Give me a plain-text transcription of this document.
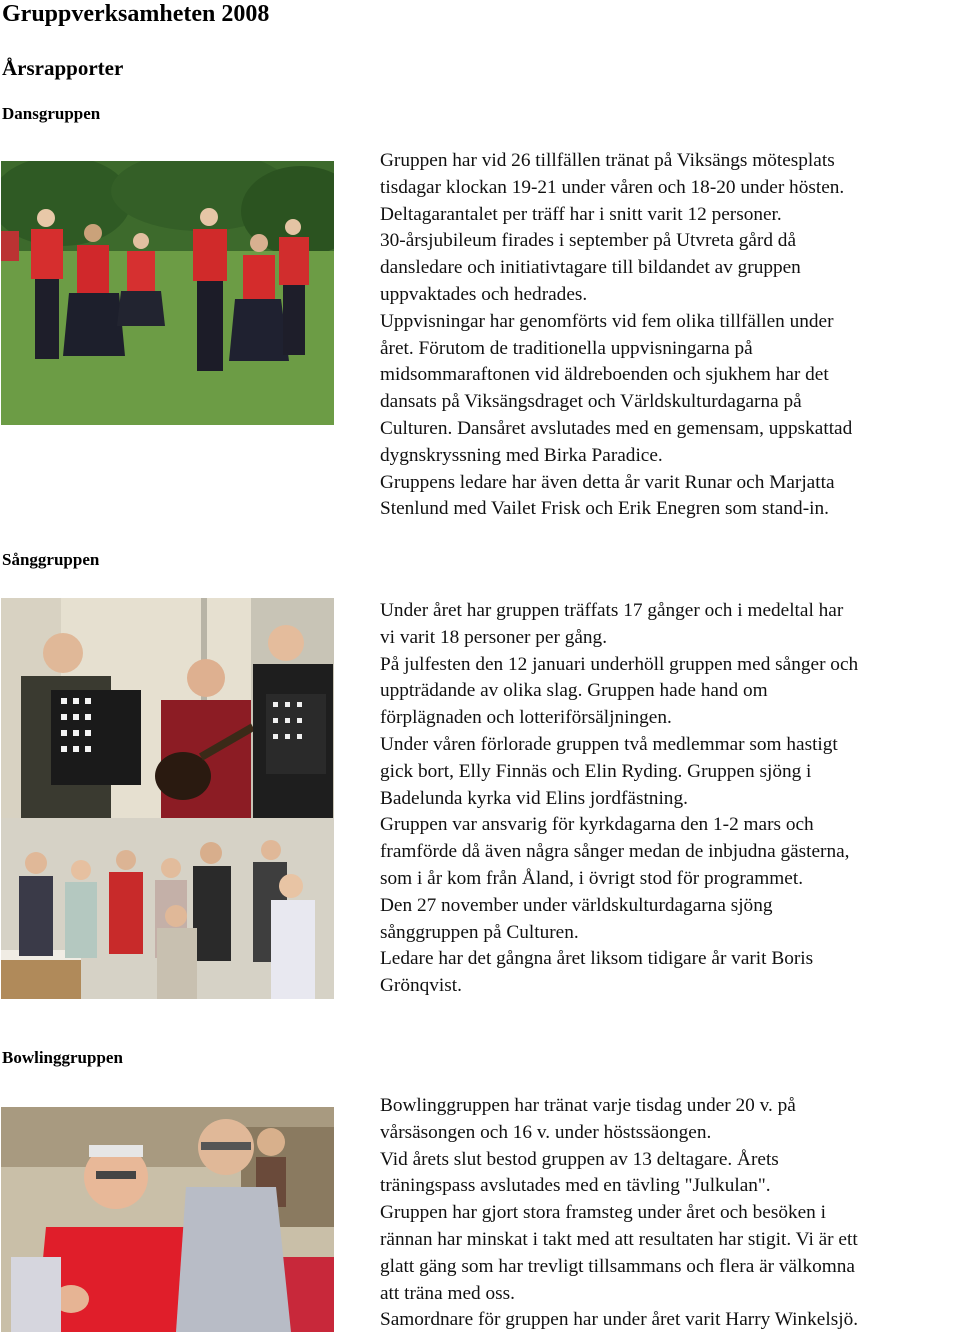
Gruppverksamheten 2008
Årsrapporter
Dansgruppen

Gruppen har vid 26 tillfällen tränat på Viksängs mötesplats

tisdagar klockan 19-21 under våren och 18-20 under hösten.

Deltagarantalet per träff har i snitt varit 12 personer.

30-årsjubileum firades i september på Utvreta gård då

dansledare och initiativtagare till bildandet av gruppen

uppvaktades och hedrades.

Uppvisningar har genomförts vid fem olika tillfällen under

året. Förutom de traditionella uppvisningarna på

midsommaraftonen vid äldreboenden och sjukhem har det

dansats på Viksängsdraget och Världskulturdagarna på

Culturen. Dansåret avslutades med en gemensam, uppskattad

dygnskryssning med Birka Paradice.

Gruppens ledare har även detta år varit Runar och Marjatta

Stenlund med Vailet Frisk och Erik Enegren som stand-in.

Sånggruppen

Under året har gruppen träffats 17 gånger och i medeltal har

vi varit 18 personer per gång.

På julfesten den 12 januari underhöll gruppen med sånger och

uppträdande av olika slag. Gruppen hade hand om

förplägnaden och lotteriförsäljningen.

Under våren förlorade gruppen två medlemmar som hastigt

gick bort, Elly Finnäs och Elin Ryding. Gruppen sjöng i

Badelunda kyrka vid Elins jordfästning.

Gruppen var ansvarig för kyrkdagarna den 1-2 mars och

framförde då även några sånger medan de inbjudna gästerna,

som i år kom från Åland, i övrigt stod för programmet.

Den 27 november under världskulturdagarna sjöng

sånggruppen på Culturen.

Ledare har det gångna året liksom tidigare år varit Boris

Grönqvist.

Bowlinggruppen

Bowlinggruppen har tränat varje tisdag under 20 v. på

vårsäsongen och 16 v. under höstssäongen.

Vid årets slut bestod gruppen av 13 deltagare. Årets

träningspass avslutades med en tävling "Julkulan".

Gruppen har gjort stora framsteg under året och besöken i

rännan har minskat i takt med att resultaten har stigit. Vi är ett

glatt gäng som har trevligt tillsammans och flera är välkomna

att träna med oss.

Samordnare för gruppen har under året varit Harry Winkelsjö.
